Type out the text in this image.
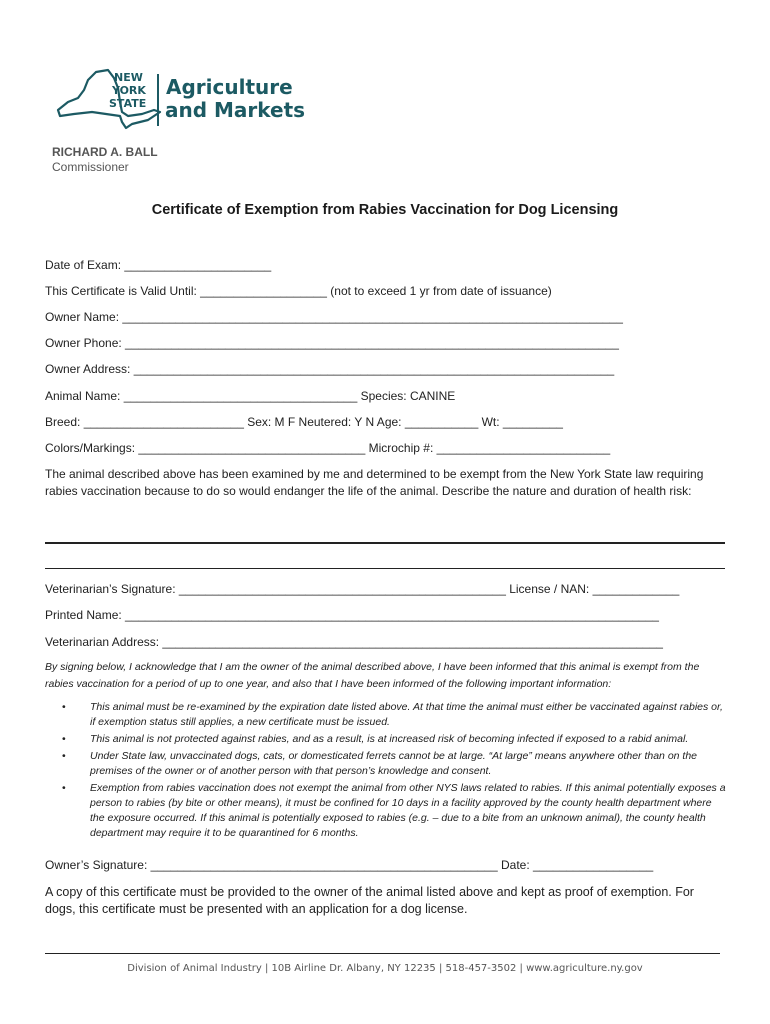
NEW
YORK
STATE
Agriculture
and Markets
RICHARD A. BALL
Commissioner
Certificate of Exemption from Rabies Vaccination for Dog Licensing
Date of Exam: ______________________
This Certificate is Valid Until: ___________________ (not to exceed 1 yr from date of issuance)
Owner Name: ___________________________________________________________________________
Owner Phone: __________________________________________________________________________
Owner Address: ________________________________________________________________________
Animal Name: ___________________________________ Species: CANINE
Breed: ________________________ Sex: M F Neutered: Y N Age: ___________ Wt: _________
Colors/Markings: __________________________________ Microchip #: __________________________
The animal described above has been examined by me and determined to be exempt from the New York State law requiring rabies vaccination because to do so would endanger the life of the animal. Describe the nature and duration of health risk:
Veterinarian’s Signature: _________________________________________________ License / NAN: _____________
Printed Name: ________________________________________________________________________________
Veterinarian Address: ___________________________________________________________________________
By signing below, I acknowledge that I am the owner of the animal described above, I have been informed that this animal is exempt from the rabies vaccination for a period of up to one year, and also that I have been informed of the following important information:
• This animal must be re-examined by the expiration date listed above. At that time the animal must either be vaccinated against rabies or, if exemption status still applies, a new certificate must be issued.
• This animal is not protected against rabies, and as a result, is at increased risk of becoming infected if exposed to a rabid animal.
• Under State law, unvaccinated dogs, cats, or domesticated ferrets cannot be at large. “At large” means anywhere other than on the premises of the owner or of another person with that person’s knowledge and consent.
• Exemption from rabies vaccination does not exempt the animal from other NYS laws related to rabies. If this animal potentially exposes a person to rabies (by bite or other means), it must be confined for 10 days in a facility approved by the county health department where the exposure occurred. If this animal is potentially exposed to rabies (e.g. – due to a bite from an unknown animal), the county health department may require it to be quarantined for 6 months.
Owner’s Signature: ____________________________________________________ Date: __________________
A copy of this certificate must be provided to the owner of the animal listed above and kept as proof of exemption. For dogs, this certificate must be presented with an application for a dog license.
Division of Animal Industry | 10B Airline Dr. Albany, NY 12235 | 518-457-3502 | www.agriculture.ny.gov
